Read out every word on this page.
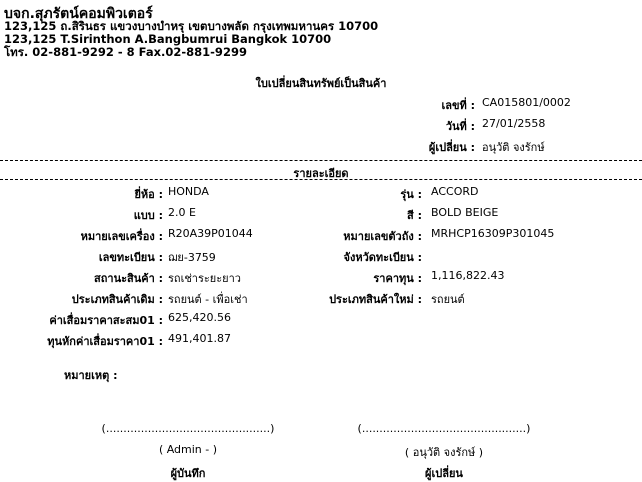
บจก.สุภรัตน์คอมพิวเตอร์
123,125 ถ.สิรินธร แขวงบางบำหรุ เขตบางพลัด กรุงเทพมหานคร 10700
123,125 T.Sirinthon A.Bangbumrui Bangkok 10700
โทร. 02-881-9292 - 8 Fax.02-881-9299
ใบเปลี่ยนสินทรัพย์เป็นสินค้า
เลขที่ : CA015801/0002
วันที่ : 27/01/2558
ผู้เปลี่ยน : อนุวัติ จงรักษ์
รายละเอียด
ยี่ห้อ : HONDA
แบบ : 2.0 E
หมายเลขเครื่อง : R20A39P01044
เลขทะเบียน : ฌย-3759
สถานะสินค้า : รถเช่าระยะยาว
ประเภทสินค้าเดิม : รถยนต์ - เพื่อเช่า
ค่าเสื่อมราคาสะสม01 : 625,420.56
ทุนหักค่าเสื่อมราคา01 : 491,401.87
รุ่น : ACCORD
สี : BOLD BEIGE
หมายเลขตัวถัง : MRHCP16309P301045
จังหวัดทะเบียน :
ราคาทุน : 1,116,822.43
ประเภทสินค้าใหม่ : รถยนต์
หมายเหตุ :
(...............................................)
( Admin - )
ผู้บันทึก
(...............................................)
( อนุวัติ จงรักษ์ )
ผู้เปลี่ยน
